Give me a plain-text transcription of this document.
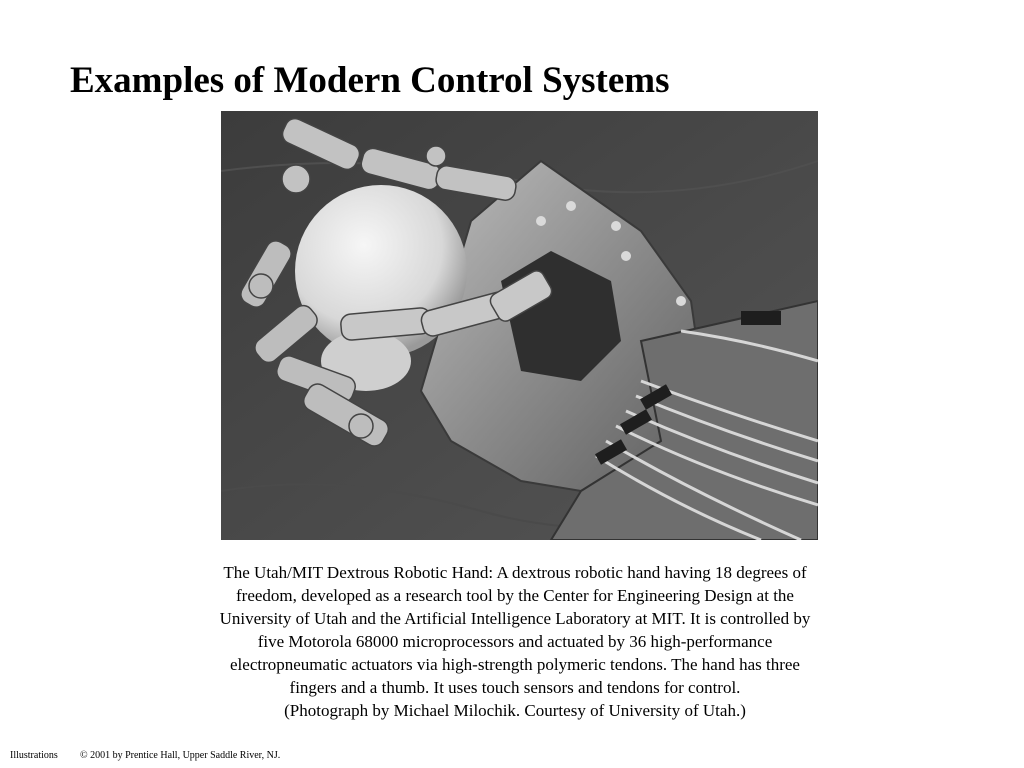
Examples of Modern Control Systems

The Utah/MIT Dextrous Robotic Hand: A dextrous robotic hand having 18 degrees of
freedom, developed as a research tool by the Center for Engineering Design at the
University of Utah and the Artificial Intelligence Laboratory at MIT. It is controlled by
five Motorola 68000 microprocessors and actuated by 36 high-performance
electropneumatic actuators via high-strength polymeric tendons. The hand has three
fingers and a thumb. It uses touch sensors and tendons for control.
(Photograph by Michael Milochik. Courtesy of University of Utah.)

Illustrations © 2001 by Prentice Hall, Upper Saddle River, NJ.
